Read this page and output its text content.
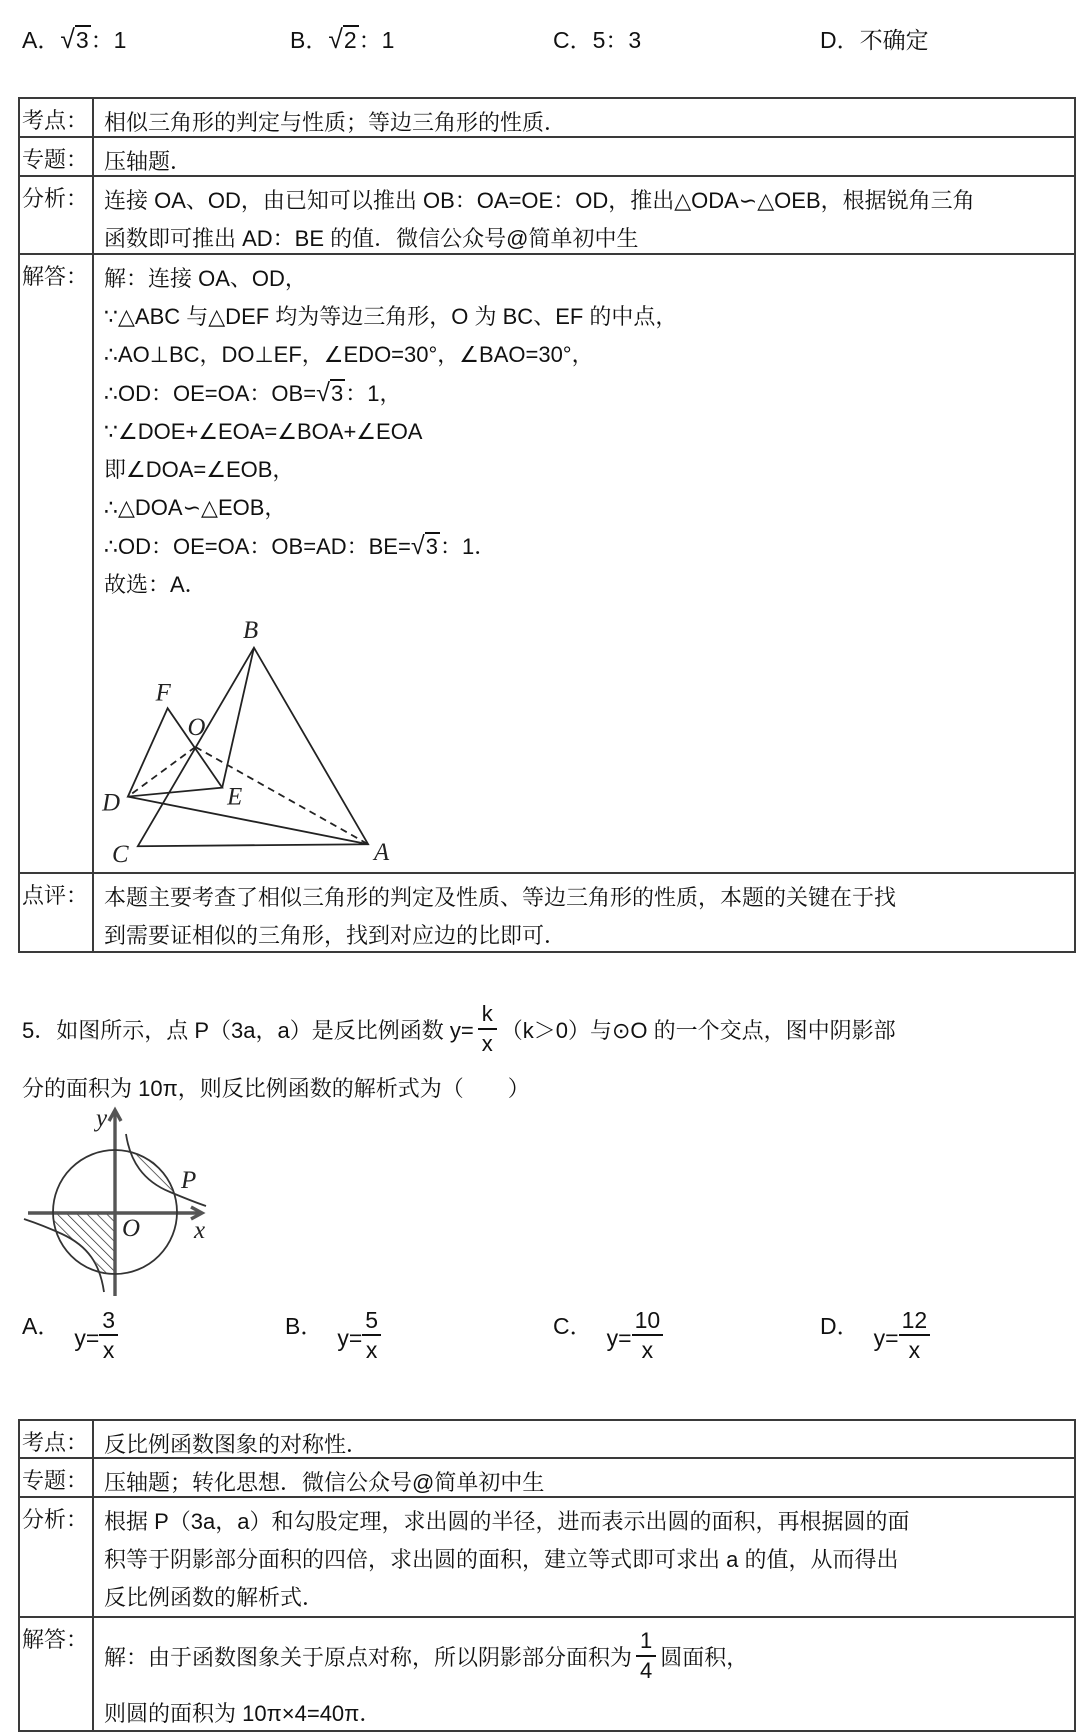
A． √ 3：1	B． √ 2：1	C．5：3	D．不确定
考点： 相似三角形的判定与性质；等边三角形的性质．
专题： 压轴题．
分析： 连接 OA、OD，由已知可以推出 OB：OA=OE：OD，推出△ODA∽△OEB，根据锐角三角
函数即可推出 AD：BE 的值．微信公众号@简单初中生
解答： 解：连接 OA、OD，
∵△ABC 与△DEF 均为等边三角形，O 为 BC、EF 的中点，
∴AO⊥BC，DO⊥EF，∠EDO=30°，∠BAO=30°，
∴OD：OE=OA：OB= √ 3：1，
∵∠DOE+∠EOA=∠BOA+∠EOA
即∠DOA=∠EOB，
∴△DOA∽△EOB，
∴OD：OE=OA：OB=AD：BE= √ 3：1．
故选：A．
B
F
O
D	E
C	A
点评： 本题主要考查了相似三角形的判定及性质、等边三角形的性质，本题的关键在于找
到需要证相似的三角形，找到对应边的比即可．
5．如图所示，点 P（3a，a）是反比例函数 $y= \frac{k}{x} (k>0)$与⊙O 的一个交点，图中阴影部
分的面积为 10π，则反比例函数的解析式为（　　）
y
x
O
P
A． $y= \frac{3}{x}$	B． $y= \frac{5}{x}$	C． $y= \frac{10}{x}$	D． $y= \frac{12}{x}$
考点： 反比例函数图象的对称性．
专题： 压轴题；转化思想．微信公众号@简单初中生
分析： 根据 P（3a，a）和勾股定理，求出圆的半径，进而表示出圆的面积，再根据圆的面
积等于阴影部分面积的四倍，求出圆的面积，建立等式即可求出 a 的值，从而得出
反比例函数的解析式．
解答：
解：由于函数图象关于原点对称，所以阴影部分面积为 $\frac{1}{4}$ 圆面积，
则圆的面积为 10π×4=40π．
